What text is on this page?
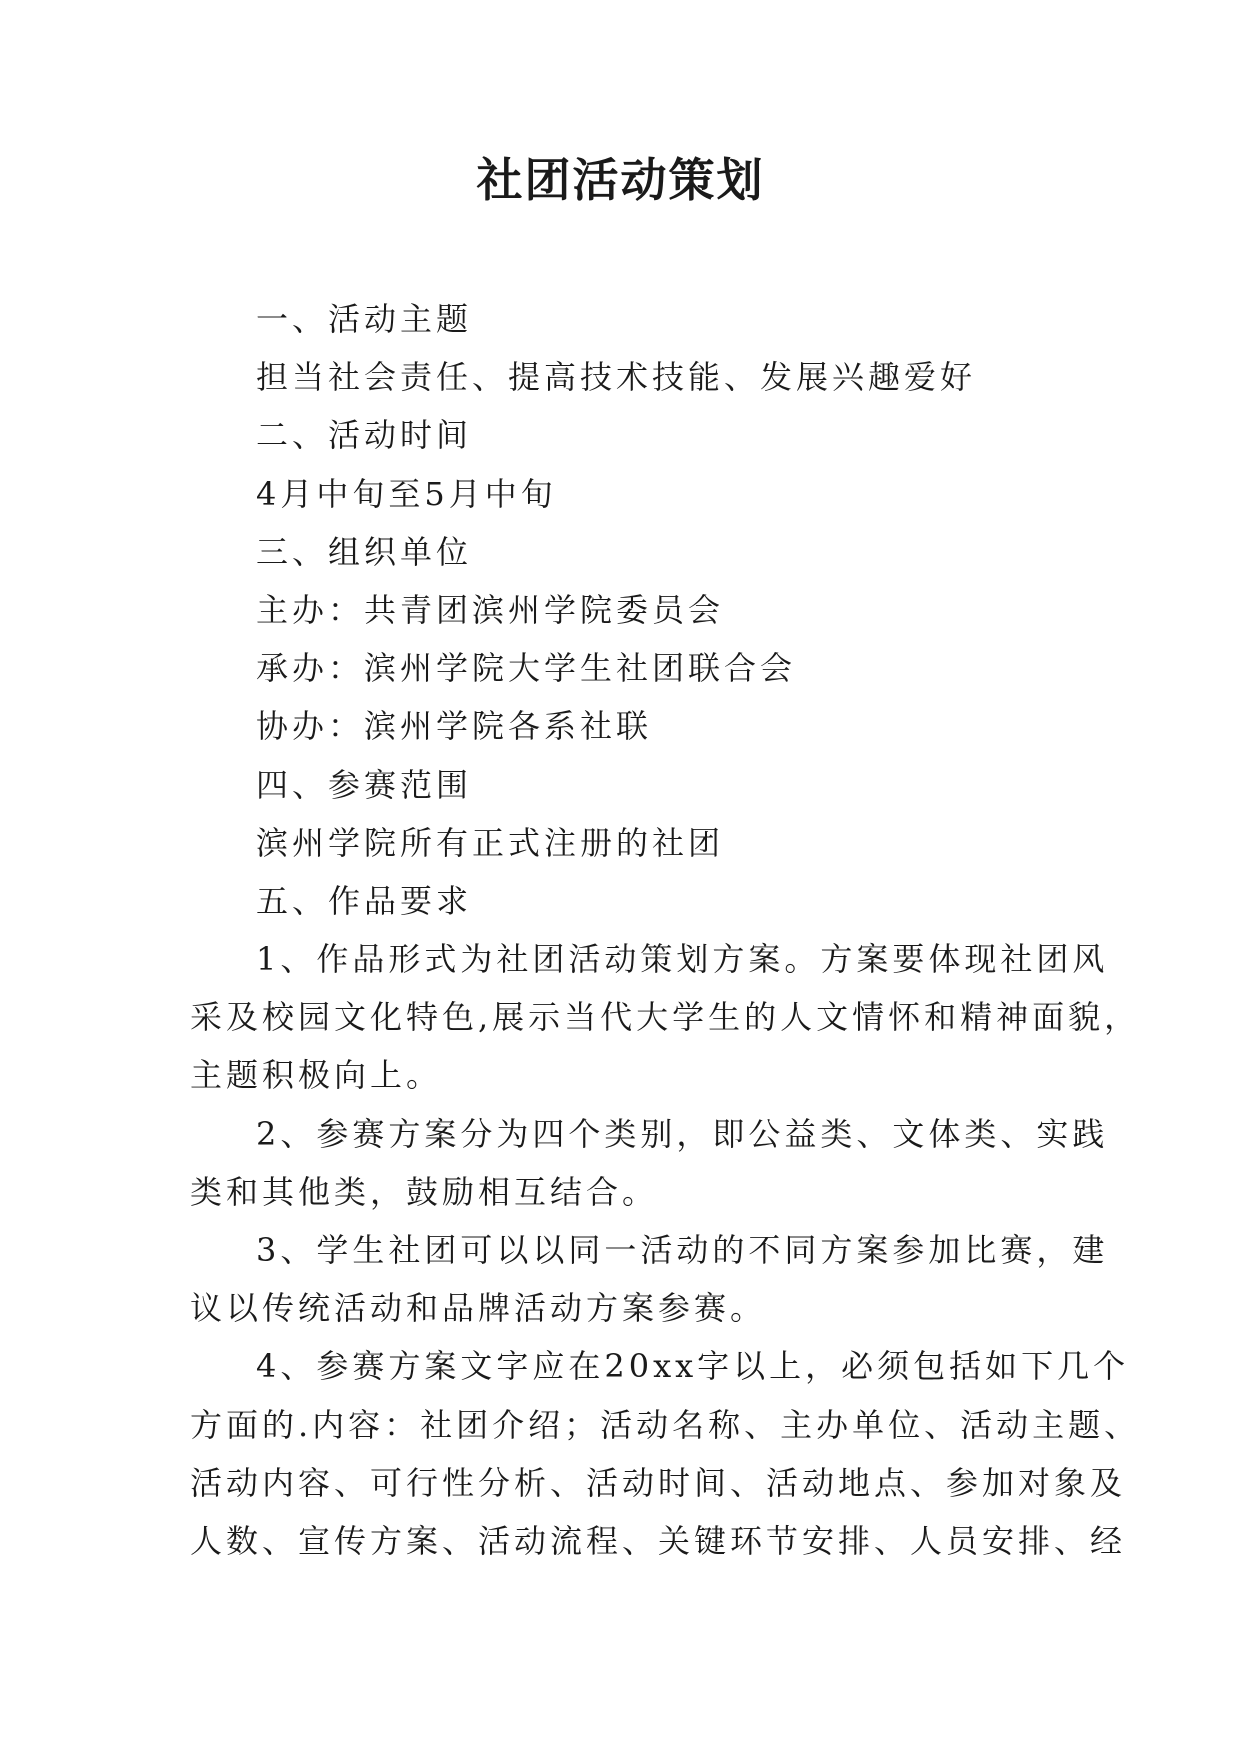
社团活动策划
一、活动主题
担当社会责任、提高技术技能、发展兴趣爱好
二、活动时间
4月中旬至5月中旬
三、组织单位
主办：共青团滨州学院委员会
承办：滨州学院大学生社团联合会
协办：滨州学院各系社联
四、参赛范围
滨州学院所有正式注册的社团
五、作品要求
1、作品形式为社团活动策划方案。方案要体现社团风
采及校园文化特色,展示当代大学生的人文情怀和精神面貌，
主题积极向上。
2、参赛方案分为四个类别，即公益类、文体类、实践
类和其他类，鼓励相互结合。
3、学生社团可以以同一活动的不同方案参加比赛，建
议以传统活动和品牌活动方案参赛。
4、参赛方案文字应在20xx字以上，必须包括如下几个
方面的.内容：社团介绍；活动名称、主办单位、活动主题、
活动内容、可行性分析、活动时间、活动地点、参加对象及
人数、宣传方案、活动流程、关键环节安排、人员安排、经
